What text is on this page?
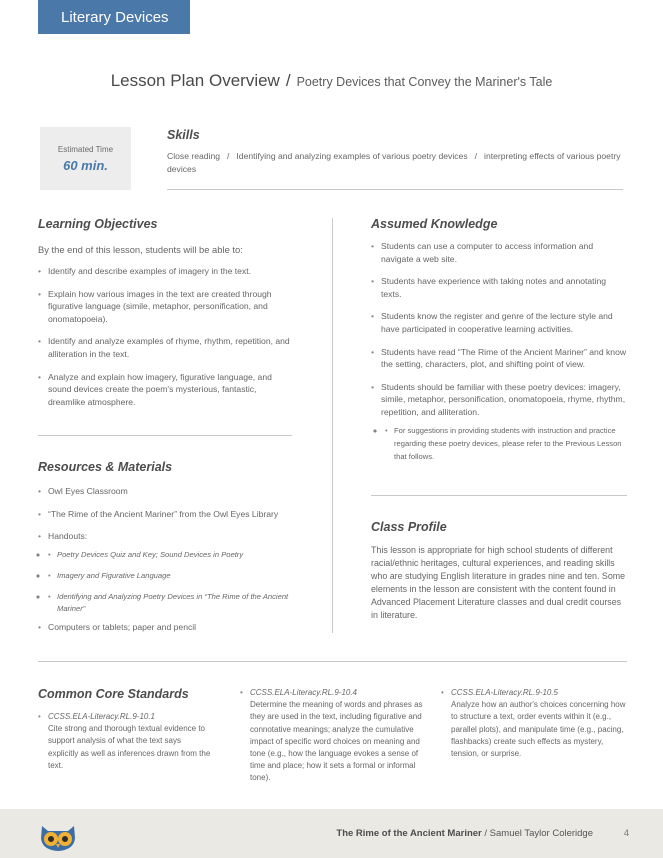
Literary Devices
Lesson Plan Overview / Poetry Devices that Convey the Mariner's Tale
Estimated Time
60 min.
Skills
Close reading / Identifying and analyzing examples of various poetry devices / interpreting effects of various poetry devices
Learning Objectives
By the end of this lesson, students will be able to:
• Identify and describe examples of imagery in the text.
• Explain how various images in the text are created through figurative language (simile, metaphor, personification, and onomatopoeia).
• Identify and analyze examples of rhyme, rhythm, repetition, and alliteration in the text.
• Analyze and explain how imagery, figurative language, and sound devices create the poem's mysterious, fantastic, dreamlike atmosphere.
Resources & Materials
• Owl Eyes Classroom
• “The Rime of the Ancient Mariner” from the Owl Eyes Library
• Handouts:
• ◦ Poetry Devices Quiz and Key; Sound Devices in Poetry
• ◦ Imagery and Figurative Language
• ◦ Identifying and Analyzing Poetry Devices in “The Rime of the Ancient Mariner”
• Computers or tablets; paper and pencil
Assumed Knowledge
• Students can use a computer to access information and navigate a web site.
• Students have experience with taking notes and annotating texts.
• Students know the register and genre of the lecture style and have participated in cooperative learning activities.
• Students have read “The Rime of the Ancient Mariner” and know the setting, characters, plot, and shifting point of view.
• Students should be familiar with these poetry devices: imagery, simile, metaphor, personification, onomatopoeia, rhyme, rhythm, repetition, and alliteration.
• ◦ For suggestions in providing students with instruction and practice regarding these poetry devices, please refer to the Previous Lesson that follows.
Class Profile
This lesson is appropriate for high school students of different racial/ethnic heritages, cultural experiences, and reading skills who are studying English literature in grades nine and ten. Some elements in the lesson are consistent with the content found in Advanced Placement Literature classes and dual credit courses in literature.
Common Core Standards
• CCSS.ELA-Literacy.RL.9-10.1
Cite strong and thorough textual evidence to support analysis of what the text says explicitly as well as inferences drawn from the text.
• CCSS.ELA-Literacy.RL.9-10.4
Determine the meaning of words and phrases as they are used in the text, including figurative and connotative meanings; analyze the cumulative impact of specific word choices on meaning and tone (e.g., how the language evokes a sense of time and place; how it sets a formal or informal tone).
• CCSS.ELA-Literacy.RL.9-10.5
Analyze how an author's choices concerning how to structure a text, order events within it (e.g., parallel plots), and manipulate time (e.g., pacing, flashbacks) create such effects as mystery, tension, or surprise.
The Rime of the Ancient Mariner / Samuel Taylor Coleridge	4
